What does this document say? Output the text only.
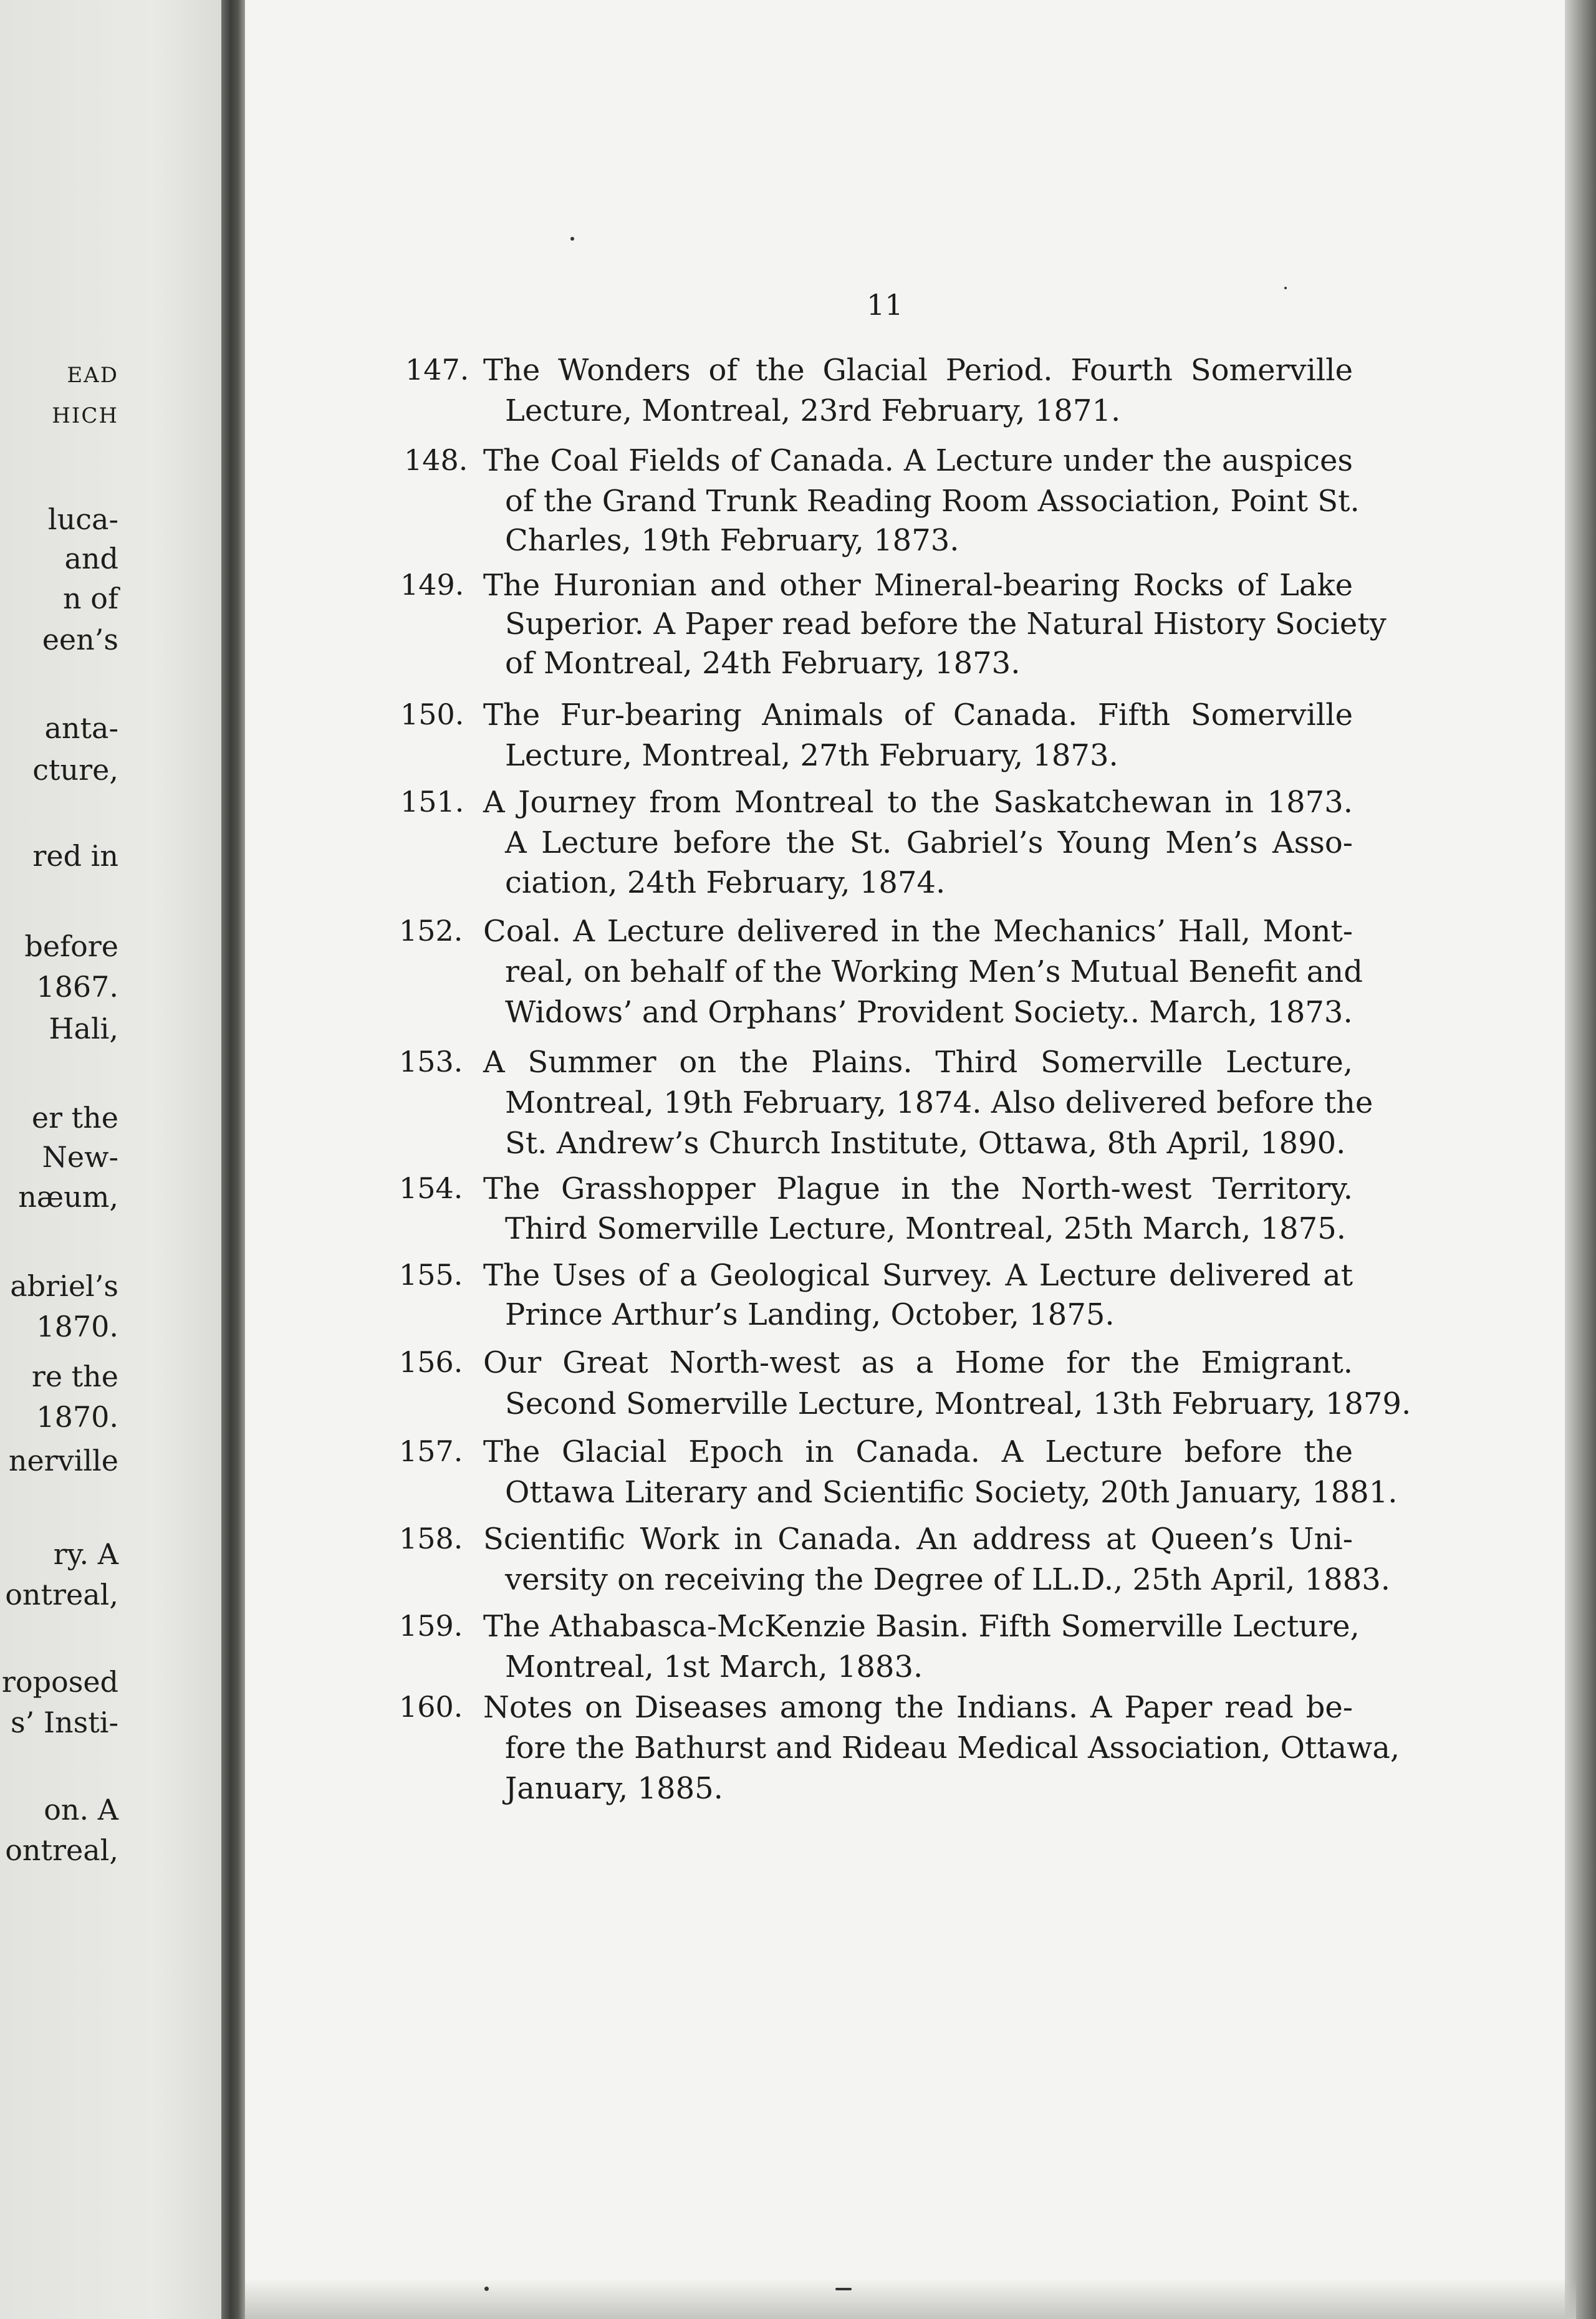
EAD
HICH
luca-
and
n of
een’s
anta-
cture,
red in
before
1867.
Hali,
er the
New-
næum,
abriel’s
1870.
re the
1870.
nerville
ry. A
ontreal,
roposed
s’ Insti-
on. A
ontreal,

11

147. The Wonders of the Glacial Period. Fourth Somerville
Lecture, Montreal, 23rd February, 1871.
148. The Coal Fields of Canada. A Lecture under the auspices
of the Grand Trunk Reading Room Association, Point St.
Charles, 19th February, 1873.
149. The Huronian and other Mineral-bearing Rocks of Lake
Superior. A Paper read before the Natural History Society
of Montreal, 24th February, 1873.
150. The Fur-bearing Animals of Canada. Fifth Somerville
Lecture, Montreal, 27th February, 1873.
151. A Journey from Montreal to the Saskatchewan in 1873.
A Lecture before the St. Gabriel’s Young Men’s Asso-
ciation, 24th February, 1874.
152. Coal. A Lecture delivered in the Mechanics’ Hall, Mont-
real, on behalf of the Working Men’s Mutual Benefit and
Widows’ and Orphans’ Provident Society.. March, 1873.
153. A Summer on the Plains. Third Somerville Lecture,
Montreal, 19th February, 1874. Also delivered before the
St. Andrew’s Church Institute, Ottawa, 8th April, 1890.
154. The Grasshopper Plague in the North-west Territory.
Third Somerville Lecture, Montreal, 25th March, 1875.
155. The Uses of a Geological Survey. A Lecture delivered at
Prince Arthur’s Landing, October, 1875.
156. Our Great North-west as a Home for the Emigrant.
Second Somerville Lecture, Montreal, 13th February, 1879.
157. The Glacial Epoch in Canada. A Lecture before the
Ottawa Literary and Scientific Society, 20th January, 1881.
158. Scientific Work in Canada. An address at Queen’s Uni-
versity on receiving the Degree of LL.D., 25th April, 1883.
159. The Athabasca-McKenzie Basin. Fifth Somerville Lecture,
Montreal, 1st March, 1883.
160. Notes on Diseases among the Indians. A Paper read be-
fore the Bathurst and Rideau Medical Association, Ottawa,
January, 1885.
